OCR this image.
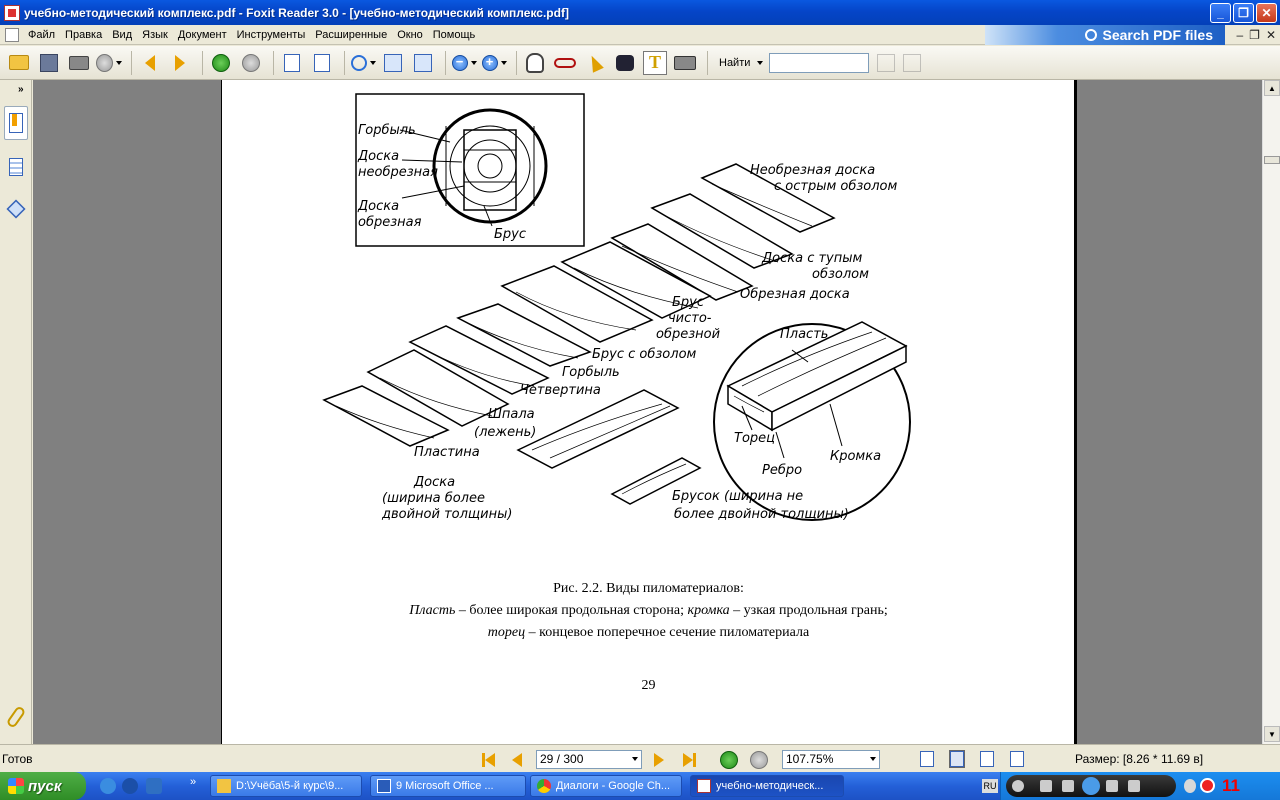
учебно-методический комплекс.pdf - Foxit Reader 3.0 - [учебно-методический комплекс.pdf]	_	❐	✕
Файл Правка Вид Язык Документ Инструменты Расширенные Окно Помощь	Search PDF files – ❐ ✕
−	+	T	Найти
»
Горбыль
Доска
необрезная
Доска
обрезная
Брус
Необрезная доска
с острым обзолом
Доска с тупым
обзолом
Обрезная доска
Брус
чисто-
обрезной
Брус с обзолом
Горбыль
Четвертина
Шпала
(лежень)
Пластина
Доска
(ширина более
двойной толщины)
Брусок (ширина не
более двойной толщины)
Пласть
Торец
Ребро
Кромка
Рис. 2.2. Виды пиломатериалов:
Пласть – более широкая продольная сторона; кромка – узкая продольная грань;
торец – концевое поперечное сечение пиломатериала
29
▲
▼
Готов	29 / 300	107.75%	Размер: [8.26 * 11.69 в]
пуск	»	D:\Учёба\5-й курс\9...	9 Microsoft Office ...	Диалоги - Google Ch...	учебно-методическ...	RU	11
